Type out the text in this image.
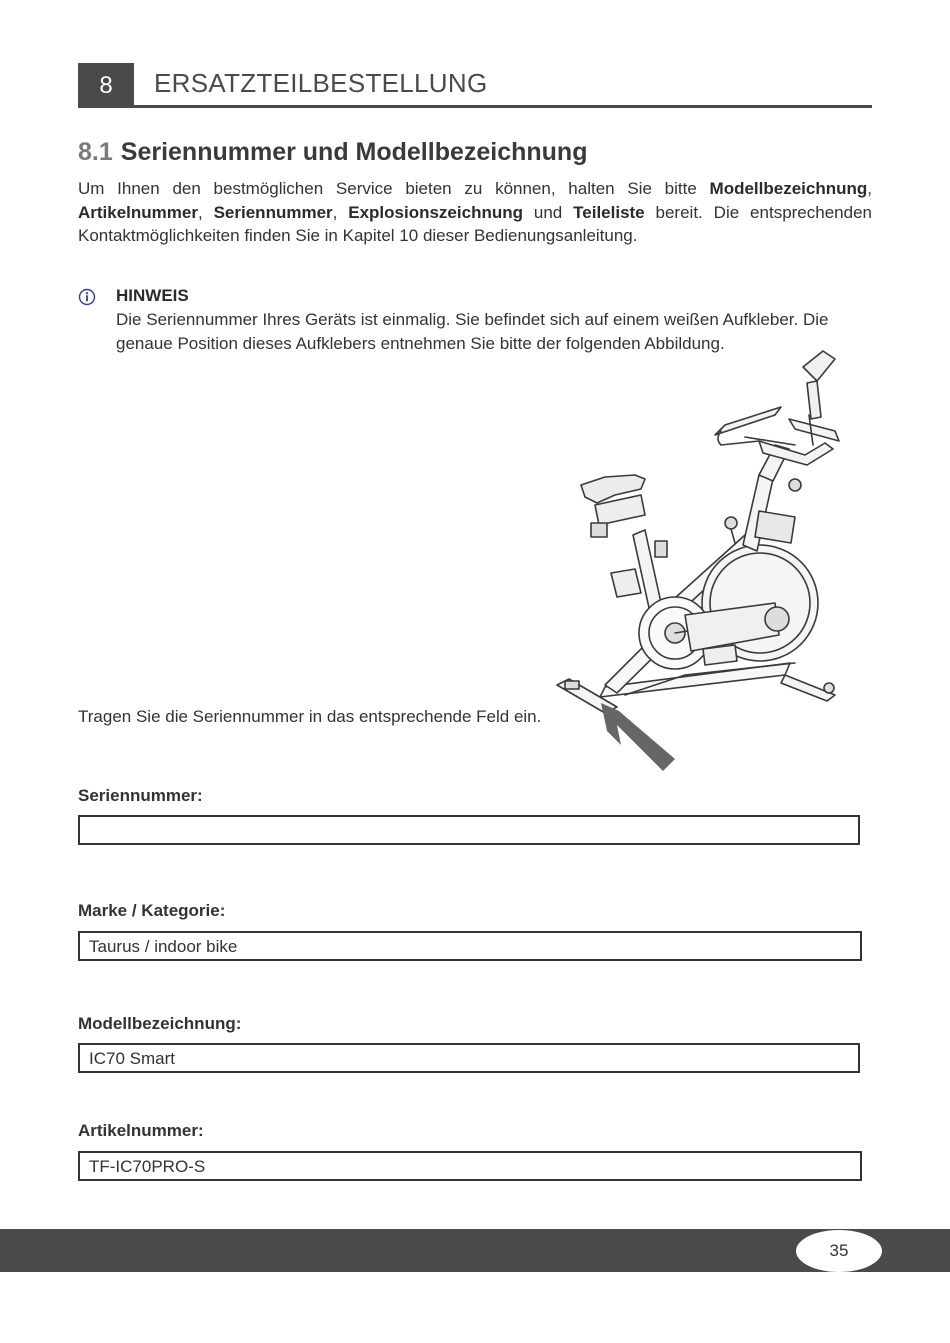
8	ERSATZTEILBESTELLUNG
8.1 Seriennummer und Modellbezeichnung
Um Ihnen den bestmöglichen Service bieten zu können, halten Sie bitte Modellbezeichnung, Artikelnummer, Seriennummer, Explosionszeichnung und Teileliste bereit. Die entsprechenden Kontaktmöglichkeiten finden Sie in Kapitel 10 dieser Bedienungsanleitung.
HINWEIS
Die Seriennummer Ihres Geräts ist einmalig. Sie befindet sich auf einem weißen Aufkleber. Die genaue Position dieses Aufklebers entnehmen Sie bitte der folgenden Abbildung.
Tragen Sie die Seriennummer in das entsprechende Feld ein.
Seriennummer:
Marke / Kategorie:
Taurus / indoor bike
Modellbezeichnung:
IC70 Smart
Artikelnummer:
TF-IC70PRO-S
35
